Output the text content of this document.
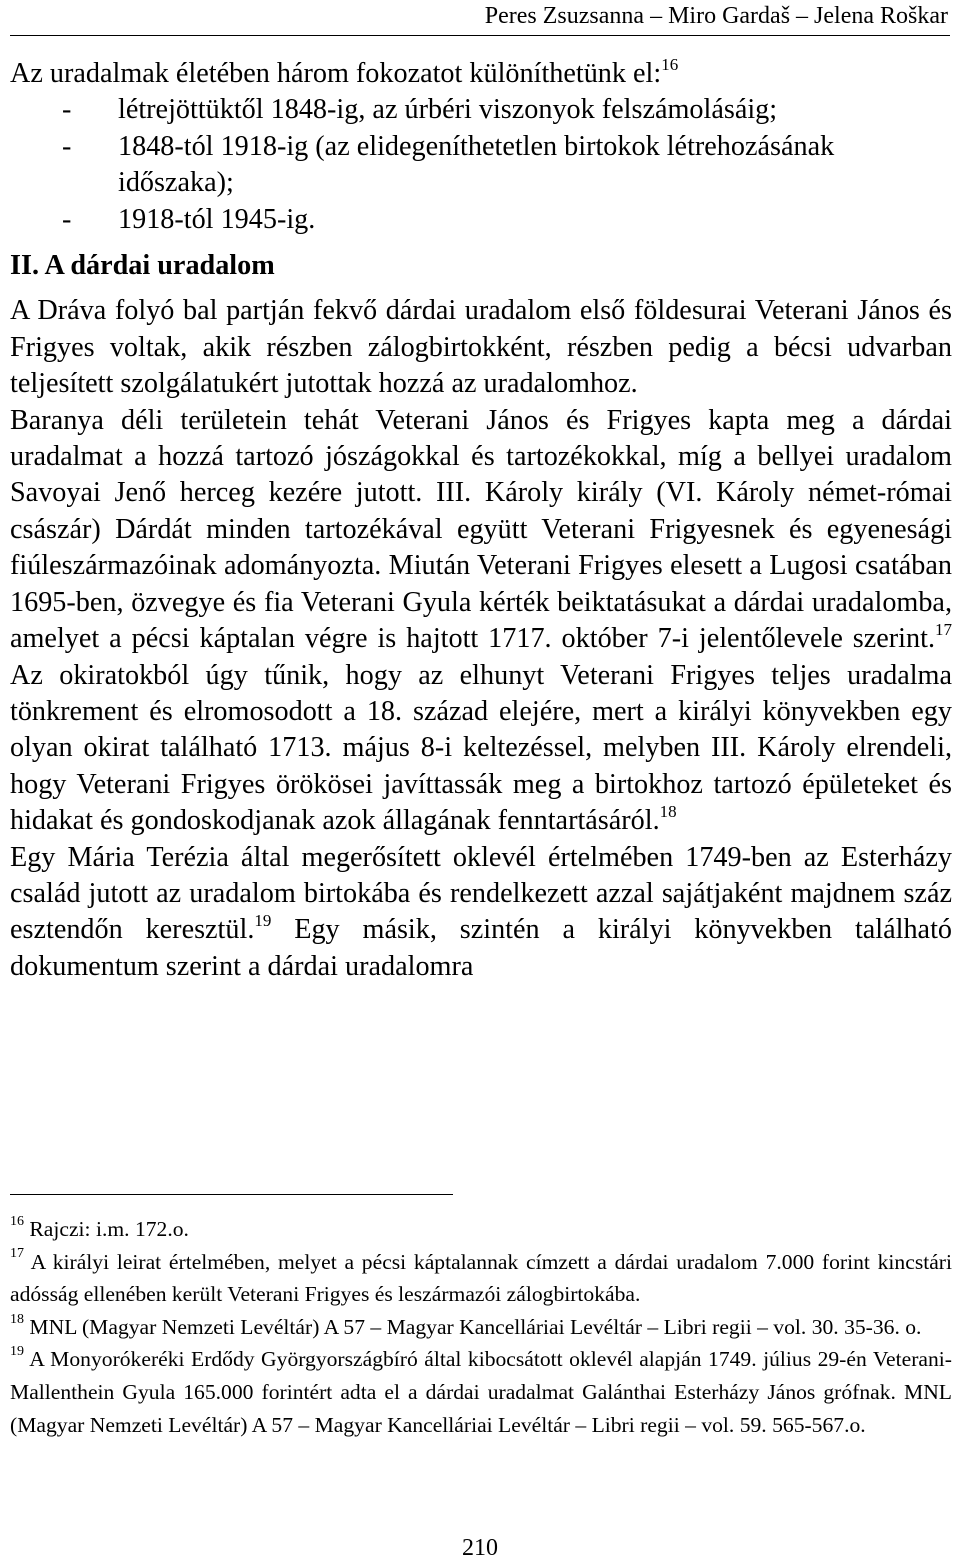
Peres Zsuzsanna – Miro Gardaš – Jelena Roškar

Az uradalmak életében három fokozatot különíthetünk el:$^{16}$

- létrejöttüktől 1848-ig, az úrbéri viszonyok felszámolásáig;
- 1848-tól 1918-ig (az elidegeníthetetlen birtokok létrehozásának időszaka);
- 1918-tól 1945-ig.
II. A dárdai uradalom

A Dráva folyó bal partján fekvő dárdai uradalom első földesurai Veterani János és Frigyes voltak, akik részben zálogbirtokként, részben pedig a bécsi udvarban teljesített szolgálatukért jutottak hozzá az uradalomhoz.

Baranya déli területein tehát Veterani János és Frigyes kapta meg a dárdai uradalmat a hozzá tartozó jószágokkal és tartozékokkal, míg a bellyei uradalom Savoyai Jenő herceg kezére jutott. III. Károly király (VI. Károly német-római császár) Dárdát minden tartozékával együtt Veterani Frigyesnek és egyenesági fiúleszármazóinak adományozta. Miután Veterani Frigyes elesett a Lugosi csatában 1695-ben, özvegye és fia Veterani Gyula kérték beiktatásukat a dárdai uradalomba, amelyet a pécsi káptalan végre is hajtott 1717. október 7-i jelentőlevele szerint.$^{17}$ Az okiratokból úgy tűnik, hogy az elhunyt Veterani Frigyes teljes uradalma tönkrement és elromosodott a 18. század elejére, mert a királyi könyvekben egy olyan okirat található 1713. május 8-i keltezéssel, melyben III. Károly elrendeli, hogy Veterani Frigyes örökösei javíttassák meg a birtokhoz tartozó épületeket és hidakat és gondoskodjanak azok állagának fenntartásáról.$^{18}$

Egy Mária Terézia által megerősített oklevél értelmében 1749-ben az Esterházy család jutott az uradalom birtokába és rendelkezett azzal sajátjaként majdnem száz esztendőn keresztül.$^{19}$ Egy másik, szintén a királyi könyvekben található dokumentum szerint a dárdai uradalomra

$^{16}$ Rajczi: i.m. 172.o.

$^{17}$ A királyi leirat értelmében, melyet a pécsi káptalannak címzett a dárdai uradalom 7.000 forint kincstári adósság ellenében került Veterani Frigyes és leszármazói zálogbirtokába.

$^{18}$ MNL (Magyar Nemzeti Levéltár) A 57 – Magyar Kancelláriai Levéltár – Libri regii – vol. 30. 35-36. o.

$^{19}$ A Monyorókeréki Erdődy Györgyországbíró által kibocsátott oklevél alapján 1749. július 29-én Veterani-Mallenthein Gyula 165.000 forintért adta el a dárdai uradalmat Galánthai Esterházy János grófnak. MNL (Magyar Nemzeti Levéltár) A 57 – Magyar Kancelláriai Levéltár – Libri regii – vol. 59. 565-567.o.

210
